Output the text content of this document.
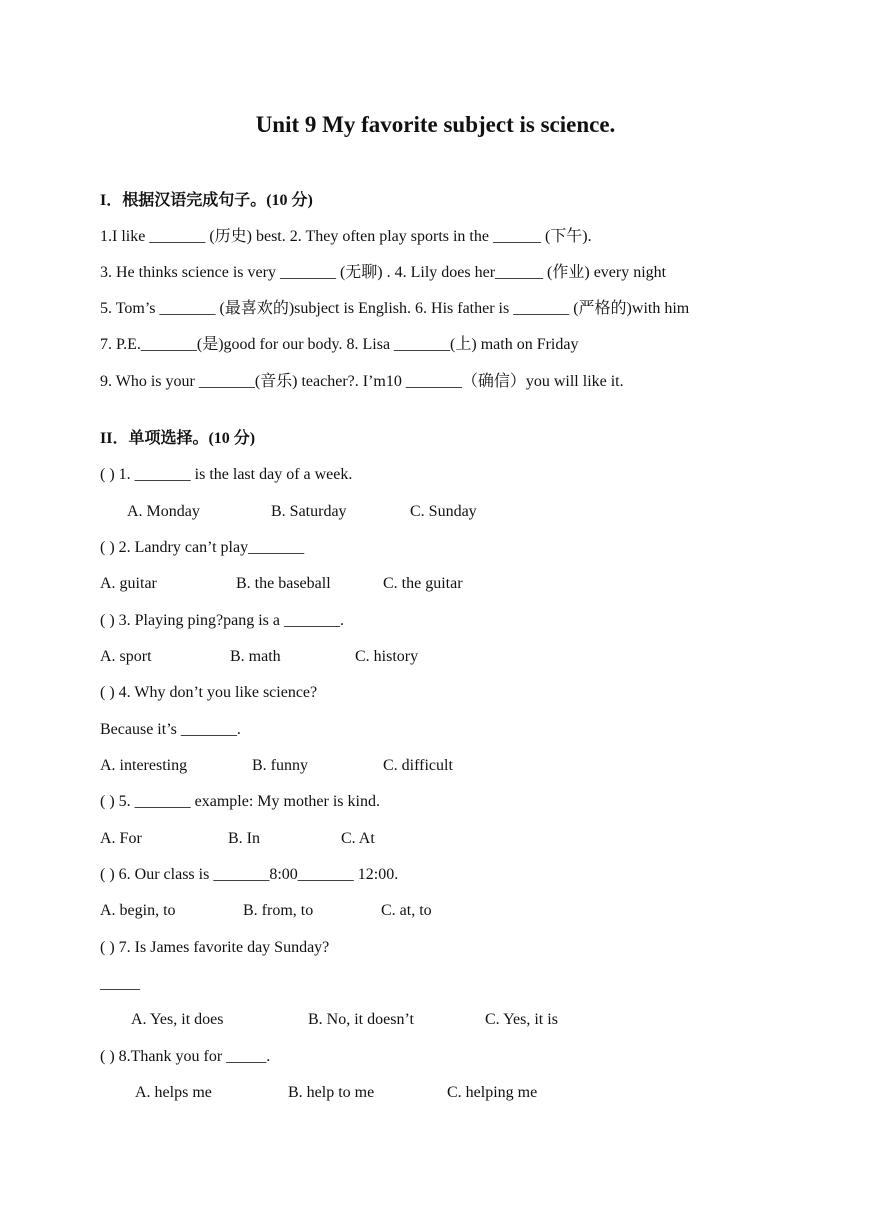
Unit 9 My favorite subject is science.
I．根据汉语完成句子。(10 分)
1.I like _______ (历史) best. 2. They often play sports in the ______ (下午).
3. He thinks science is very _______ (无聊) . 4. Lily does her______ (作业) every night
5. Tom’s _______ (最喜欢的)subject is English. 6. His father is _______ (严格的)with him
7. P.E._______(是)good for our body. 8. Lisa _______(上) math on Friday
9. Who is your _______(音乐) teacher?. I’m10 _______（确信）you will like it.
II．单项选择。(10 分)
( ) 1. _______ is the last day of a week.
A. Monday	B. Saturday	C. Sunday
( ) 2. Landry can’t play_______
A. guitar	B. the baseball	C. the guitar
( ) 3. Playing ping?pang is a _______.
A. sport	B. math	C. history
( ) 4. Why don’t you like science?
Because it’s _______.
A. interesting	B. funny	C. difficult
( ) 5. _______ example: My mother is kind.
A. For	B. In	C. At
( ) 6. Our class is _______8:00_______ 12:00.
A. begin, to	B. from, to	C. at, to
( ) 7. Is James favorite day Sunday?
_____
A. Yes, it does	B. No, it doesn’t	C. Yes, it is
( ) 8.Thank you for _____.
A. helps me	B. help to me	C. helping me
